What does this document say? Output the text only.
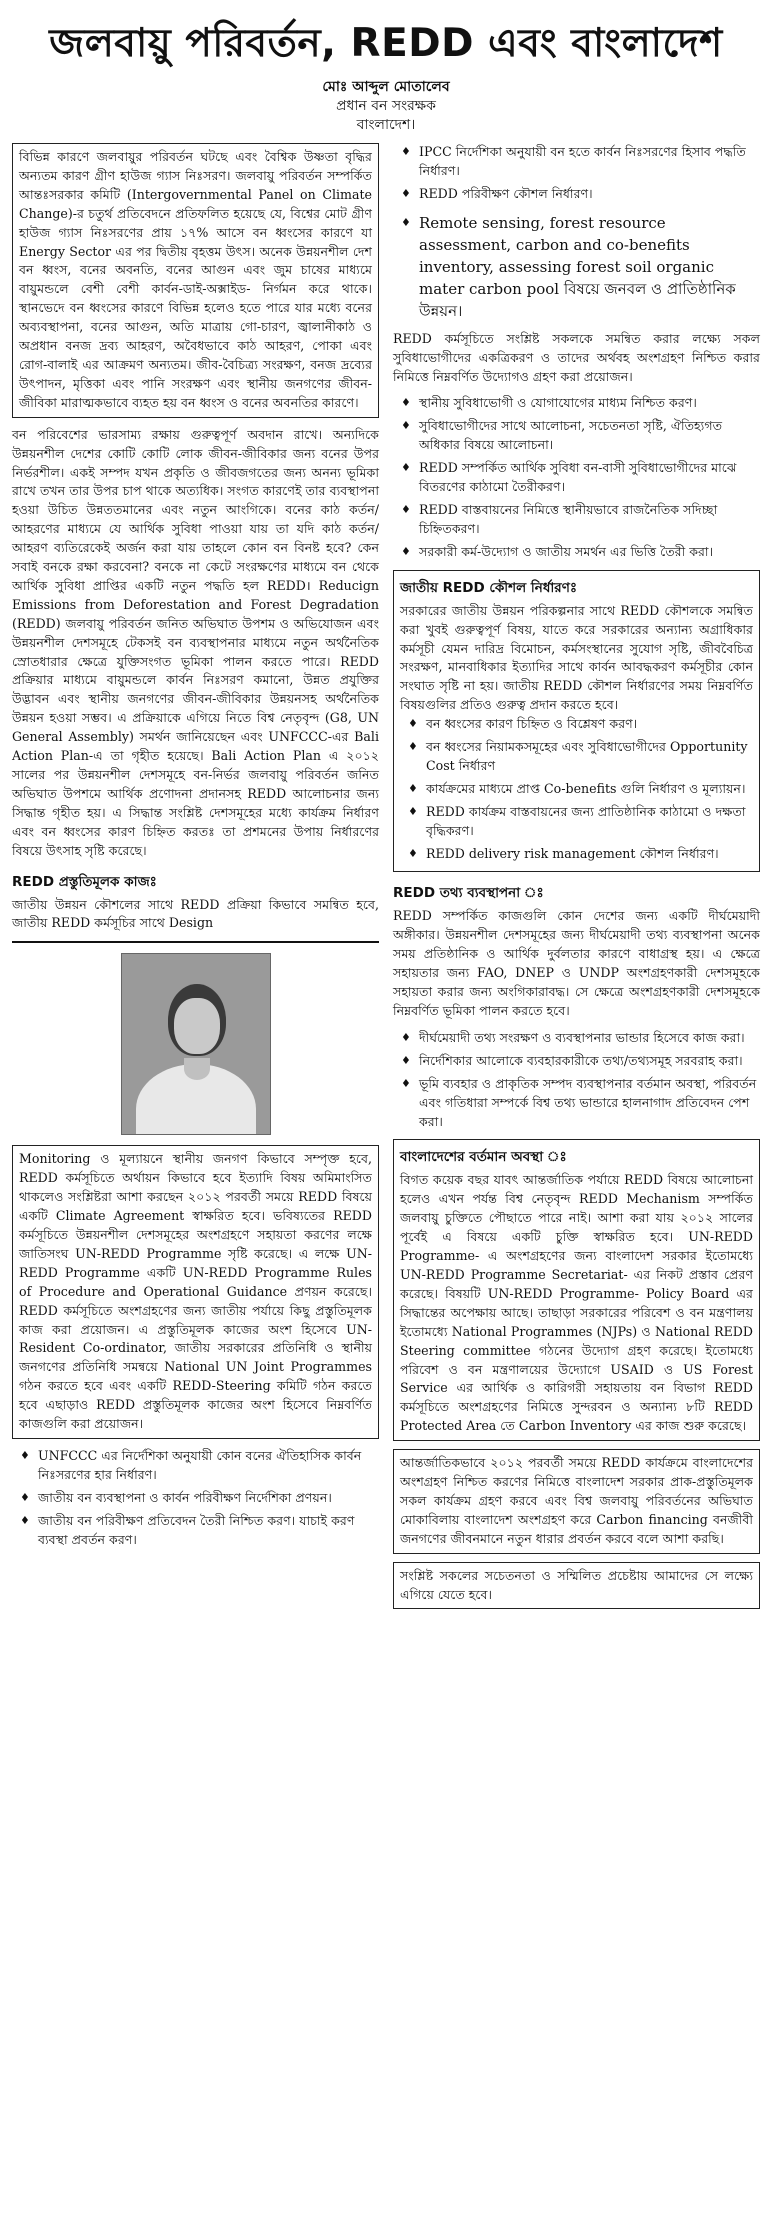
জলবায়ু পরিবর্তন, REDD এবং বাংলাদেশ
মোঃ আব্দুল মোতালেব
প্রধান বন সংরক্ষক
বাংলাদেশ।

বিভিন্ন কারণে জলবায়ুর পরিবর্তন ঘটছে এবং বৈশ্বিক উষ্ণতা বৃদ্ধির অন্যতম কারণ গ্রীণ হাউজ গ্যাস নিঃসরণ। জলবায়ু পরিবর্তন সম্পর্কিত আন্তঃসরকার কমিটি (Intergovernmental Panel on Climate Change)-র চতুর্থ প্রতিবেদনে প্রতিফলিত হয়েছে যে, বিশ্বের মোট গ্রীণ হাউজ গ্যাস নিঃসরণের প্রায় ১৭% আসে বন ধ্বংসের কারণে যা Energy Sector এর পর দ্বিতীয় বৃহত্তম উৎস। অনেক উন্নয়নশীল দেশ বন ধ্বংস, বনের অবনতি, বনের আগুন এবং জুম চাষের মাধ্যমে বায়ুমন্ডলে বেশী বেশী কার্বন-ডাই-অক্সাইড- নির্গমন করে থাকে। স্থানভেদে বন ধ্বংসের কারণে বিভিন্ন হলেও হতে পারে যার মধ্যে বনের অব্যবস্থাপনা, বনের আগুন, অতি মাত্রায় গো-চারণ, জ্বালানীকাঠ ও অপ্রধান বনজ দ্রব্য আহরণ, অবৈধভাবে কাঠ আহরণ, পোকা এবং রোগ-বালাই এর আক্রমণ অন্যতম। জীব-বৈচিত্র্য সংরক্ষণ, বনজ দ্রব্যের উৎপাদন, মৃত্তিকা এবং পানি সংরক্ষণ এবং স্থানীয় জনগণের জীবন-জীবিকা মারাত্মকভাবে ব্যহত হয় বন ধ্বংস ও বনের অবনতির কারণে।

বন পরিবেশের ভারসাম্য রক্ষায় গুরুত্বপূর্ণ অবদান রাখে। অন্যদিকে উন্নয়নশীল দেশের কোটি কোটি লোক জীবন-জীবিকার জন্য বনের উপর নির্ভরশীল। একই সম্পদ যখন প্রকৃতি ও জীবজগতের জন্য অনন্য ভূমিকা রাখে তখন তার উপর চাপ থাকে অত্যধিক। সংগত কারণেই তার ব্যবস্থাপনা হওয়া উচিত উন্নততমানের এবং নতুন আংগিকে। বনের কাঠ কর্তন/ আহরণের মাধ্যমে যে আর্থিক সুবিধা পাওয়া যায় তা যদি কাঠ কর্তন/ আহরণ ব্যতিরেকেই অর্জন করা যায় তাহলে কোন বন বিনষ্ট হবে? কেন সবাই বনকে রক্ষা করবেনা? বনকে না কেটে সংরক্ষণের মাধ্যমে বন থেকে আর্থিক সুবিধা প্রাপ্তির একটি নতুন পদ্ধতি হল REDD। Reducign Emissions from Deforestation and Forest Degradation (REDD) জলবায়ু পরিবর্তন জনিত অভিঘাত উপশম ও অভিযোজন এবং উন্নয়নশীল দেশসমূহে টেকসই বন ব্যবস্থাপনার মাধ্যমে নতুন অর্থনৈতিক স্রোতধারার ক্ষেত্রে যুক্তিসংগত ভূমিকা পালন করতে পারে। REDD প্রক্রিয়ার মাধ্যমে বায়ুমন্ডলে কার্বন নিঃসরণ কমানো, উন্নত প্রযুক্তির উদ্ভাবন এবং স্থানীয় জনগণের জীবন-জীবিকার উন্নয়নসহ অর্থনৈতিক উন্নয়ন হওয়া সম্ভব। এ প্রক্রিয়াকে এগিয়ে নিতে বিশ্ব নেতৃবৃন্দ (G8, UN General Assembly) সমর্থন জানিয়েছেন এবং UNFCCC-এর Bali Action Plan-এ তা গৃহীত হয়েছে। Bali Action Plan এ ২০১২ সালের পর উন্নয়নশীল দেশসমূহে বন-নির্ভর জলবায়ু পরিবর্তন জনিত অভিঘাত উপশমে আর্থিক প্রণোদনা প্রদানসহ REDD আলোচনার জন্য সিদ্ধান্ত গৃহীত হয়। এ সিদ্ধান্ত সংশ্লিষ্ট দেশসমূহের মধ্যে কার্যক্রম নির্ধারণ এবং বন ধ্বংসের কারণ চিহ্নিত করতঃ তা প্রশমনের উপায় নির্ধারণের বিষয়ে উৎসাহ সৃষ্টি করেছে।

REDD প্রস্তুতিমূলক কাজঃ

জাতীয় উন্নয়ন কৌশলের সাথে REDD প্রক্রিয়া কিভাবে সমন্বিত হবে, জাতীয় REDD কর্মসূচির সাথে Design

Monitoring ও মূল্যায়নে স্থানীয় জনগণ কিভাবে সম্পৃক্ত হবে, REDD কর্মসূচিতে অর্থায়ন কিভাবে হবে ইত্যাদি বিষয় অমিমাংসিত থাকলেও সংশ্লিষ্টরা আশা করছেন ২০১২ পরবর্তী সময়ে REDD বিষয়ে একটি Climate Agreement স্বাক্ষরিত হবে। ভবিষ্যতের REDD কর্মসূচিতে উন্নয়নশীল দেশসমূহের অংশগ্রহণে সহায়তা করণের লক্ষে জাতিসংঘ UN-REDD Programme সৃষ্টি করেছে। এ লক্ষে UN-REDD Programme একটি UN-REDD Programme Rules of Procedure and Operational Guidance প্রণয়ন করেছে। REDD কর্মসূচিতে অংশগ্রহণের জন্য জাতীয় পর্যায়ে কিছু প্রস্তুতিমূলক কাজ করা প্রয়োজন। এ প্রস্তুতিমূলক কাজের অংশ হিসেবে UN-Resident Co-ordinator, জাতীয় সরকারের প্রতিনিধি ও স্থানীয় জনগণের প্রতিনিধি সমন্বয়ে National UN Joint Programmes গঠন করতে হবে এবং একটি REDD-Steering কমিটি গঠন করতে হবে এছাড়াও REDD প্রস্তুতিমূলক কাজের অংশ হিসেবে নিম্নবর্ণিত কাজগুলি করা প্রয়োজন।

♦ UNFCCC এর নির্দেশিকা অনুযায়ী কোন বনের ঐতিহাসিক কার্বন নিঃসরণের হার নির্ধারণ।
♦ জাতীয় বন ব্যবস্থাপনা ও কার্বন পরিবীক্ষণ নির্দেশিকা প্রণয়ন।
♦ জাতীয় বন পরিবীক্ষণ প্রতিবেদন তৈরী নিশ্চিত করণ। যাচাই করণ ব্যবস্থা প্রবর্তন করণ।
♦ IPCC নির্দেশিকা অনুযায়ী বন হতে কার্বন নিঃসরণের হিসাব পদ্ধতি নির্ধারণ।
♦ REDD পরিবীক্ষণ কৌশল নির্ধারণ।
♦ Remote sensing, forest resource assessment, carbon and co-benefits inventory, assessing forest soil organic mater carbon pool বিষয়ে জনবল ও প্রাতিষ্ঠানিক উন্নয়ন।

REDD কর্মসূচিতে সংশ্লিষ্ট সকলকে সমন্বিত করার লক্ষ্যে সকল সুবিধাভোগীদের একত্রিকরণ ও তাদের অর্থবহ অংশগ্রহণ নিশ্চিত করার নিমিত্তে নিম্নবর্ণিত উদ্যোগও গ্রহণ করা প্রয়োজন।

♦ স্থানীয় সুবিধাভোগী ও যোগাযোগের মাধ্যম নিশ্চিত করণ।
♦ সুবিধাভোগীদের সাথে আলোচনা, সচেতনতা সৃষ্টি, ঐতিহ্যগত অধিকার বিষয়ে আলোচনা।
♦ REDD সম্পর্কিত আর্থিক সুবিধা বন-বাসী সুবিধাভোগীদের মাঝে বিতরণের কাঠামো তৈরীকরণ।
♦ REDD বাস্তবায়নের নিমিত্তে স্থানীয়ভাবে রাজনৈতিক সদিচ্ছা চিহ্নিতকরণ।
♦ সরকারী কর্ম-উদ্যোগ ও জাতীয় সমর্থন এর ভিত্তি তৈরী করা।
জাতীয় REDD কৌশল নির্ধারণঃ

সরকারের জাতীয় উন্নয়ন পরিকল্পনার সাথে REDD কৌশলকে সমন্বিত করা খুবই গুরুত্বপূর্ণ বিষয়, যাতে করে সরকারের অন্যান্য অগ্রাধিকার কর্মসূচী যেমন দারিদ্র বিমোচন, কর্মসংস্থানের সুযোগ সৃষ্টি, জীববৈচিত্র সংরক্ষণ, মানবাধিকার ইত্যাদির সাথে কার্বন আবদ্ধকরণ কর্মসূচীর কোন সংঘাত সৃষ্টি না হয়। জাতীয় REDD কৌশল নির্ধারণের সময় নিম্নবর্ণিত বিষয়গুলির প্রতিও গুরুত্ব প্রদান করতে হবে।

♦ বন ধ্বংসের কারণ চিহ্নিত ও বিশ্লেষণ করণ।
♦ বন ধ্বংসের নিয়ামকসমূহের এবং সুবিধাভোগীদের Opportunity Cost নির্ধারণ
♦ কার্যক্রমের মাধ্যমে প্রাপ্ত Co-benefits গুলি নির্ধারণ ও মূল্যায়ন।
♦ REDD কার্যক্রম বাস্তবায়নের জন্য প্রাতিষ্ঠানিক কাঠামো ও দক্ষতা বৃদ্ধিকরণ।
♦ REDD delivery risk management কৌশল নির্ধারণ।
REDD তথ্য ব্যবস্থাপনা ঃ

REDD সম্পর্কিত কাজগুলি কোন দেশের জন্য একটি দীর্ঘমেয়াদী অঙ্গীকার। উন্নয়নশীল দেশসমূহের জন্য দীর্ঘমেয়াদী তথ্য ব্যবস্থাপনা অনেক সময় প্রতিষ্ঠানিক ও আর্থিক দুর্বলতার কারণে বাধাগ্রস্থ হয়। এ ক্ষেত্রে সহায়তার জন্য FAO, DNEP ও UNDP অংশগ্রহণকারী দেশসমূহকে সহায়তা করার জন্য অংগিকারাবদ্ধ। সে ক্ষেত্রে অংশগ্রহণকারী দেশসমূহকে নিম্নবর্ণিত ভূমিকা পালন করতে হবে।

♦ দীর্ঘমেয়াদী তথ্য সংরক্ষণ ও ব্যবস্থাপনার ভান্ডার হিসেবে কাজ করা।
♦ নির্দেশিকার আলোকে ব্যবহারকারীকে তথ্য/তথ্যসমূহ সরবরাহ করা।
♦ ভূমি ব্যবহার ও প্রাকৃতিক সম্পদ ব্যবস্থাপনার বর্তমান অবস্থা, পরিবর্তন এবং গতিধারা সম্পর্কে বিশ্ব তথ্য ভান্ডারে হালনাগাদ প্রতিবেদন পেশ করা।
বাংলাদেশের বর্তমান অবস্থা ঃ

বিগত কয়েক বছর যাবৎ আন্তর্জাতিক পর্যায়ে REDD বিষয়ে আলোচনা হলেও এখন পর্যন্ত বিশ্ব নেতৃবৃন্দ REDD Mechanism সম্পর্কিত জলবায়ু চুক্তিতে পৌছাতে পারে নাই। আশা করা যায় ২০১২ সালের পূর্বেই এ বিষয়ে একটি চুক্তি স্বাক্ষরিত হবে। UN-REDD Programme- এ অংশগ্রহণের জন্য বাংলাদেশ সরকার ইতোমধ্যে UN-REDD Programme Secretariat- এর নিকট প্রস্তাব প্রেরণ করেছে। বিষয়টি UN-REDD Programme- Policy Board এর সিদ্ধান্তের অপেক্ষায় আছে। তাছাড়া সরকারের পরিবেশ ও বন মন্ত্রণালয় ইতোমধ্যে National Programmes (NJPs) ও National REDD Steering committee গঠনের উদ্যোগ গ্রহণ করেছে। ইতোমধ্যে পরিবেশ ও বন মন্ত্রণালয়ের উদ্যোগে USAID ও US Forest Service এর আর্থিক ও কারিগরী সহায়তায় বন বিভাগ REDD কর্মসূচিতে অংশগ্রহণের নিমিত্তে সুন্দরবন ও অন্যান্য ৮টি REDD Protected Area তে Carbon Inventory এর কাজ শুরু করেছে।

আন্তর্জাতিকভাবে ২০১২ পরবর্তী সময়ে REDD কার্যক্রমে বাংলাদেশের অংশগ্রহণ নিশ্চিত করণের নিমিত্তে বাংলাদেশ সরকার প্রাক-প্রস্তুতিমূলক সকল কার্যক্রম গ্রহণ করবে এবং বিশ্ব জলবায়ু পরিবর্তনের অভিঘাত মোকাবিলায় বাংলাদেশ অংশগ্রহণ করে Carbon financing বনজীবী জনগণের জীবনমানে নতুন ধারার প্রবর্তন করবে বলে আশা করছি।

সংশ্লিষ্ট সকলের সচেতনতা ও সম্মিলিত প্রচেষ্টায় আমাদের সে লক্ষ্যে এগিয়ে যেতে হবে।
